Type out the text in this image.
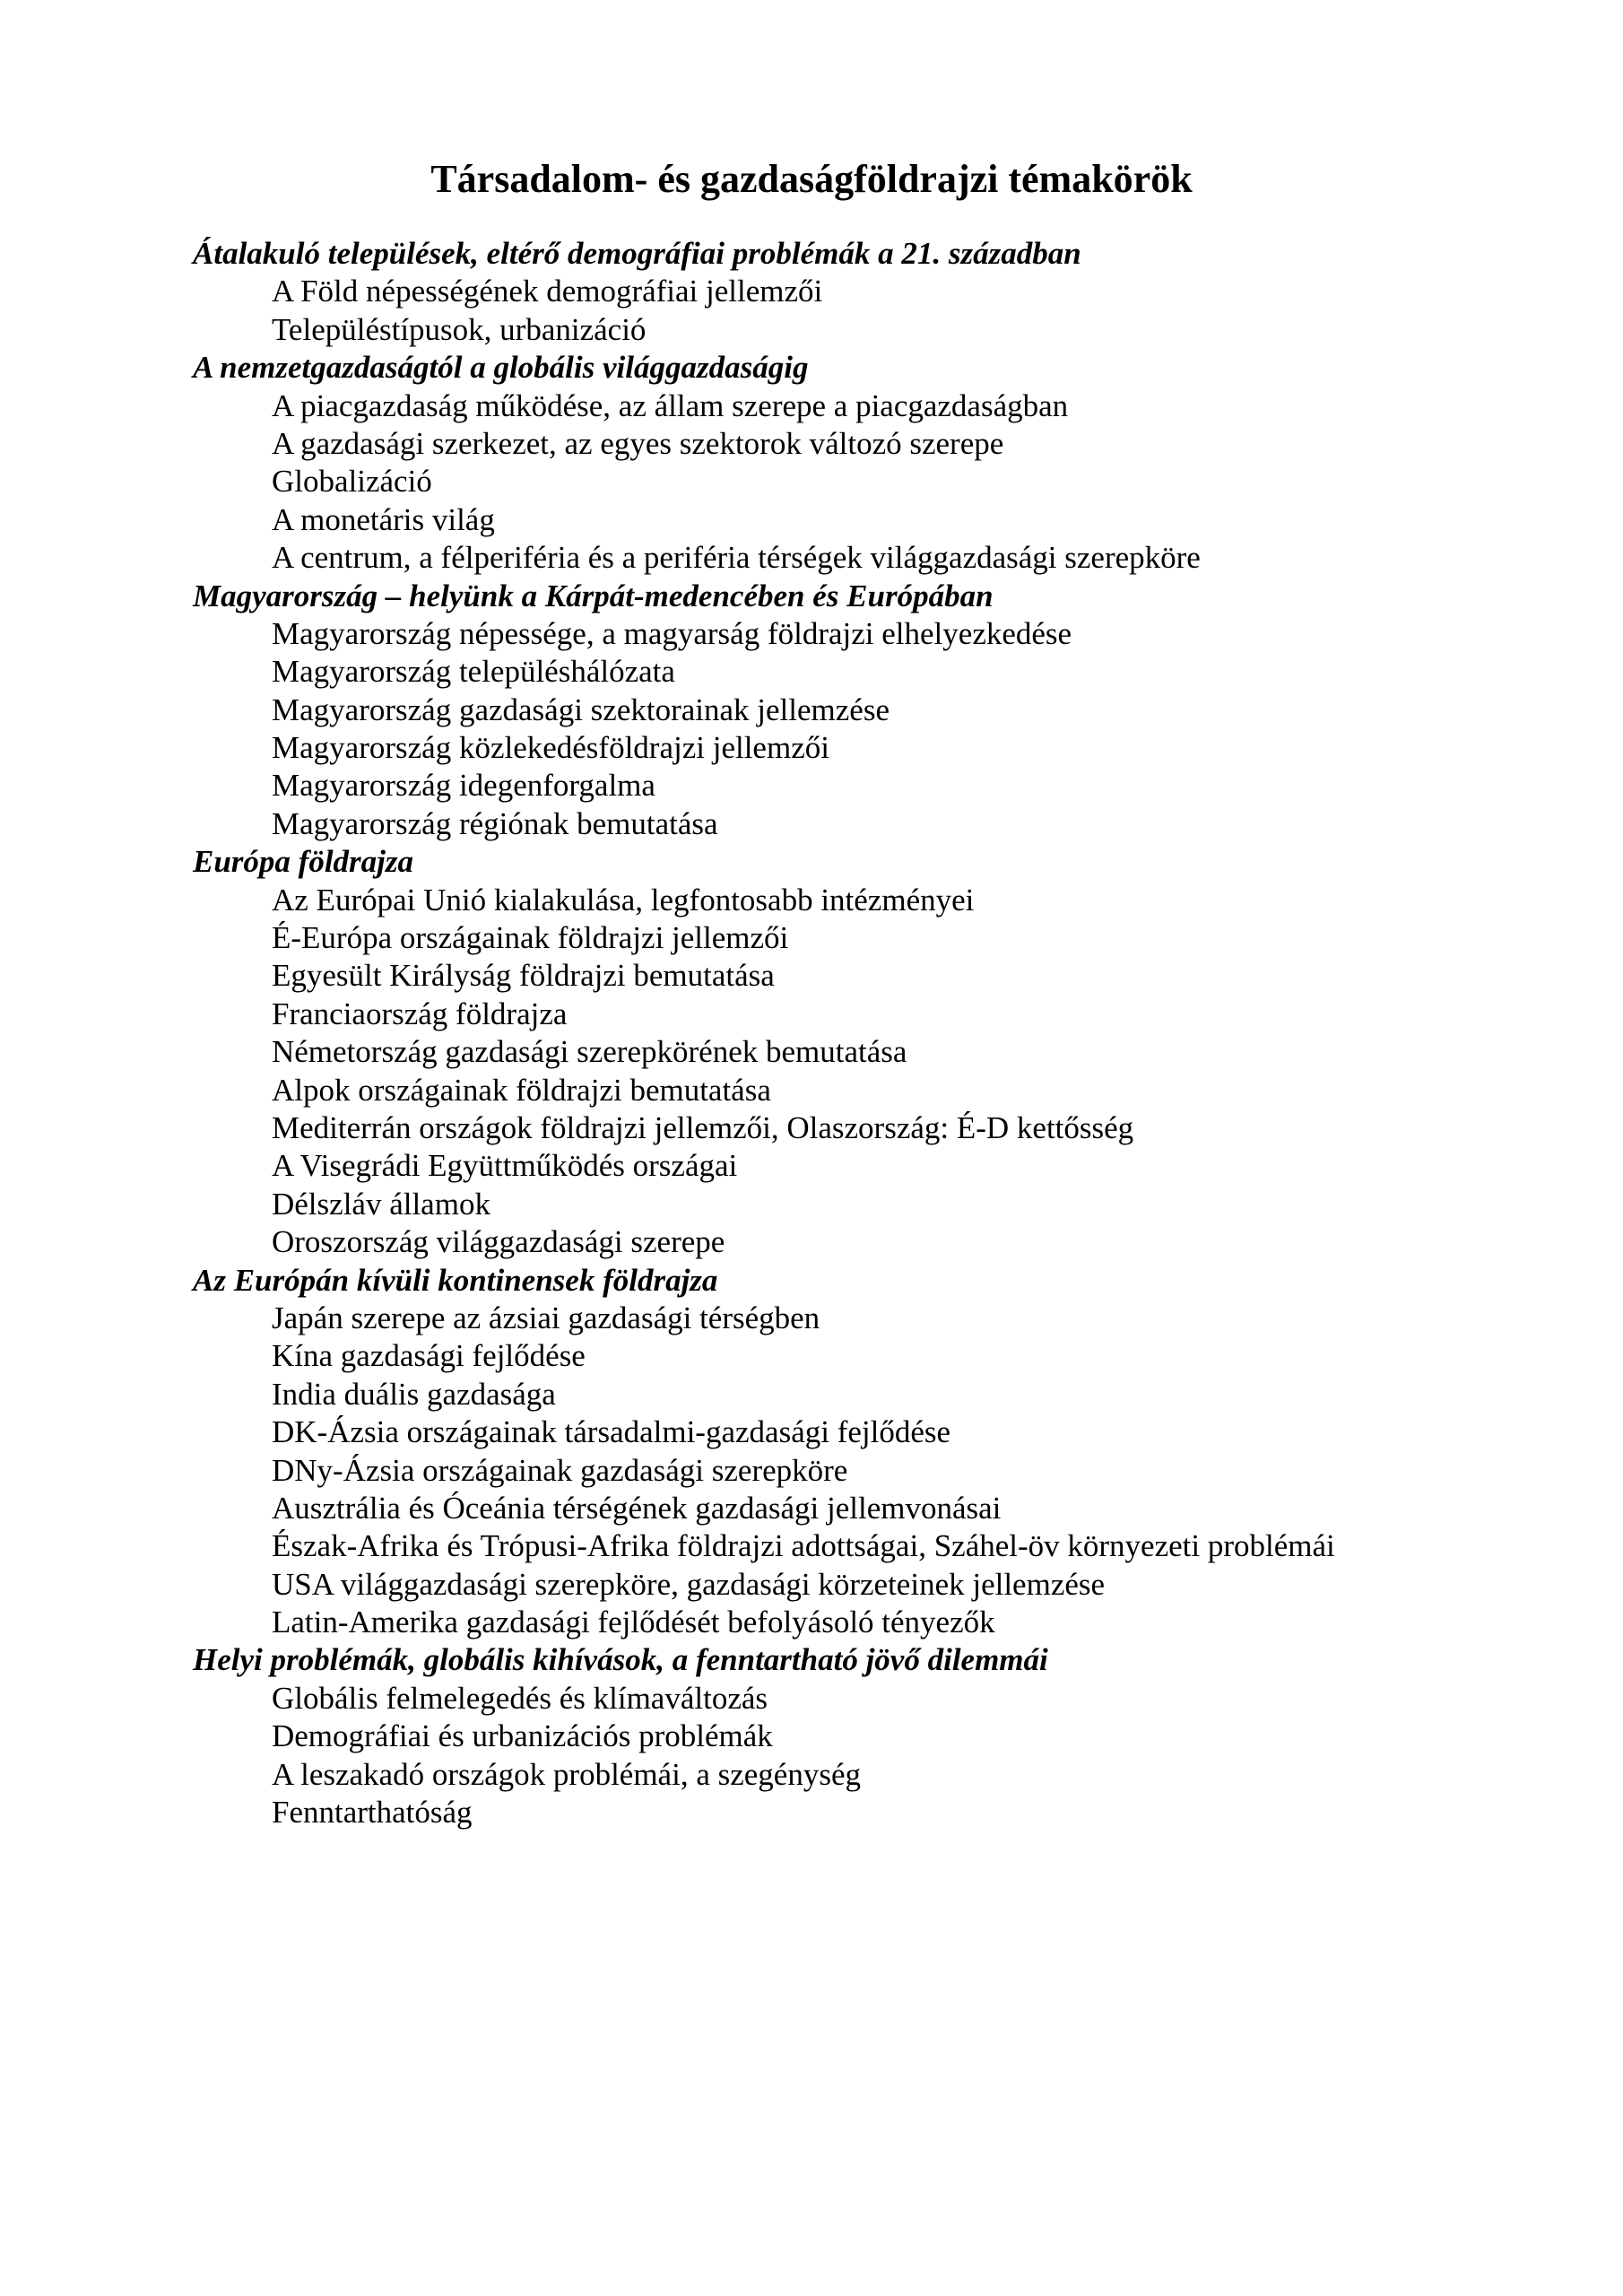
Társadalom- és gazdaságföldrajzi témakörök
Átalakuló települések, eltérő demográfiai problémák a 21. században
A Föld népességének demográfiai jellemzői
Településtípusok, urbanizáció
A nemzetgazdaságtól a globális világgazdaságig
A piacgazdaság működése, az állam szerepe a piacgazdaságban
A gazdasági szerkezet, az egyes szektorok változó szerepe
Globalizáció
A monetáris világ
A centrum, a félperiféria és a periféria térségek világgazdasági szerepköre
Magyarország – helyünk a Kárpát-medencében és Európában
Magyarország népessége, a magyarság földrajzi elhelyezkedése
Magyarország településhálózata
Magyarország gazdasági szektorainak jellemzése
Magyarország közlekedésföldrajzi jellemzői
Magyarország idegenforgalma
Magyarország régiónak bemutatása
Európa földrajza
Az Európai Unió kialakulása, legfontosabb intézményei
É-Európa országainak földrajzi jellemzői
Egyesült Királyság földrajzi bemutatása
Franciaország földrajza
Németország gazdasági szerepkörének bemutatása
Alpok országainak földrajzi bemutatása
Mediterrán országok földrajzi jellemzői, Olaszország: É-D kettősség
A Visegrádi Együttműködés országai
Délszláv államok
Oroszország világgazdasági szerepe
Az Európán kívüli kontinensek földrajza
Japán szerepe az ázsiai gazdasági térségben
Kína gazdasági fejlődése
India duális gazdasága
DK-Ázsia országainak társadalmi-gazdasági fejlődése
DNy-Ázsia országainak gazdasági szerepköre
Ausztrália és Óceánia térségének gazdasági jellemvonásai
Észak-Afrika és Trópusi-Afrika földrajzi adottságai, Száhel-öv környezeti problémái
USA világgazdasági szerepköre, gazdasági körzeteinek jellemzése
Latin-Amerika gazdasági fejlődését befolyásoló tényezők
Helyi problémák, globális kihívások, a fenntartható jövő dilemmái
Globális felmelegedés és klímaváltozás
Demográfiai és urbanizációs problémák
A leszakadó országok problémái, a szegénység
Fenntarthatóság
